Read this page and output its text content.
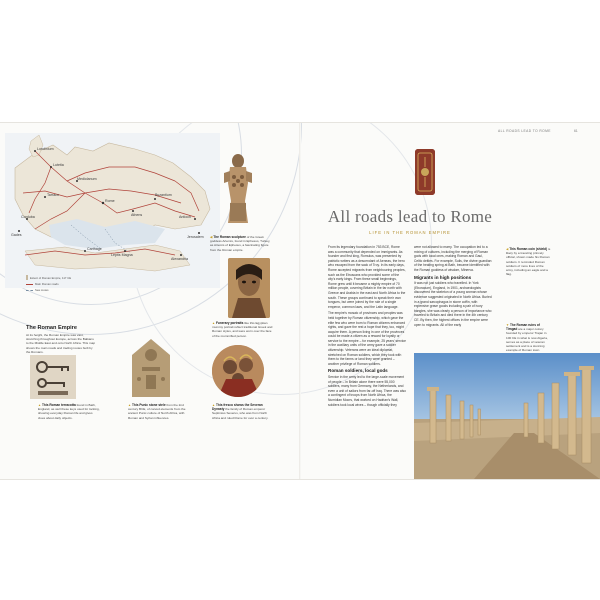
Londinium
Rome
Carthage
Alexandria
Athens
Byzantium
Lutetia
Tarraco
Antioch
Leptis Magna
Corduba
Gades
Mediolanum
Jerusalem
Extent of Roman Empire, 117 CE
Main Roman roads
Sea routes
The Roman Empire
At its height, the Roman Empire was vast, stretching throughout Europe, across the Balkans to the Middle East and onto North Africa. This map shows the main roads and trading routes built by the Romans.
◀ The Roman sculpture of the Greek goddess Artemis, found in Ephesus, Turkey, as Artemis of Ephesus, a fascinating figure from the Roman empire.
▲ Funerary portraits like this Egyptian mummy portrait reflect traditional Greek and Roman styles, and were worn over the face of the mummified person.
▲ This Roman terracotta found in Bath, England, as well these keys used for locking, showing everyday Roman life and gives clues about daily objects.
▲ This Punic stone stele from the 2nd century BCE, of carved elements from the ancient Punic culture of North Africa, with Roman and Syrian influences.
▲ This fresco shows the Severan Dynasty the family of Roman emperor Septimius Severus, who was from North Africa and ruled Rome for over a century.
ALL ROADS LEAD TO ROME	61
All roads lead to Rome
LIFE IN THE ROMAN EMPIRE

From its legendary foundation in 753 BCE, Rome was a community that depended on immigrants. As founder and first king, Romulus, was presented by patriotic writers as a descendant of Aeneas, the hero who escaped from the sack of Troy. In its early days, Rome accepted migrants from neighbouring peoples, such as the Etruscans who provided some of the city's early kings. From these small beginnings, Rome grew until it became a mighty empire of 70 million people, covering Britain in the far north with Greece and Arabia in the east and North Africa to the south. These groups continued to speak their own tongues, but were joined by the rule of a single emperor, common laws, and the Latin language.

The empire's mosaic of provinces and peoples was held together by Roman citizenship, which gave the elite few who were born to Roman citizens enhanced rights, and gave the rest a hope that they, too, might acquire them. A person living in one of the provinces could be made a citizen as a reward for loyalty or service to the empire – for example, 25 years' service in the auxiliary units of the army gave a soldier citizenship. Veterans were an ideal diplomat, stretched on Roman soldiers, which they took with them to the farms or land they were granted – another privilege of Roman soldiers.

Roman soldiers, local gods

Service in the army led to the large-scale movement of people – in Britain alone there were 55,000 soldiers, many from Germany, the Netherlands, and even a unit of sailors from far-off Iraq. There was also a contingent of troops from North Africa, the Numidian Moors, that worked on Hadrian's Wall, soldiers took local wives – though officially they

were not allowed to marry. The occupation led to a mixing of cultures, including the merging of Roman gods with local ones, making Roman and Gaul, Celtic deities. For example, Sulis, the divine guardian of the healing spring at Bath, became identified with the Roman goddess of wisdom, Minerva.

Migrants in high positions

It was not just soldiers who travelled. In York (Eboracum), England, in 1901, archaeologists discovered the skeleton of a young woman whose evidence suggested originated in North Africa. Buried in a grand sarcophagus in stone coffin, with expensive grave goods including a pair of ivory bangles, she was clearly a person of importance who traveled to Britain and died there in the 4th century CE. By then, the highest offices in the empire were open to migrants. All of the early

◀ This Roman coin (shield) is likely by a traveling princely official, shown made his Roman soldiers. It reminded Roman soldiers of more lives of the army, including an eagle and a flag.
▼ The Roman ruins of Timgad are a major colony founded by emperor Trajan in 100 CE in what is now Algeria, serves as a place of veteran settlement and is a stunning example of Roman town
